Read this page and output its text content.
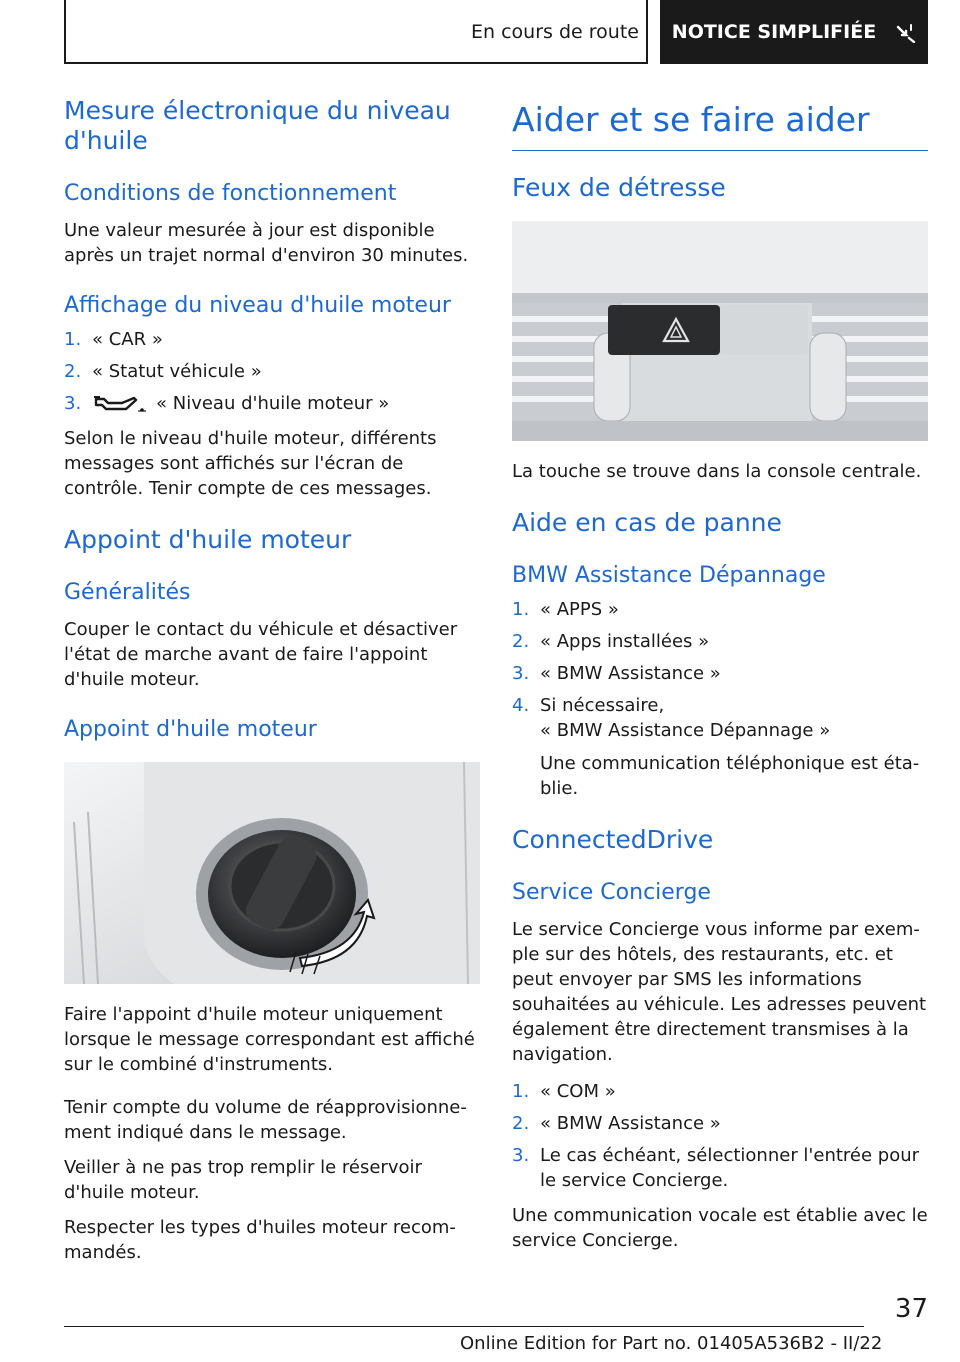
En cours de route NOTICE SIMPLIFIÉE
Mesure électronique du niveau d'huile
Conditions de fonctionnement

Une valeur mesurée à jour est disponible après un trajet normal d'environ 30 minutes.

Affichage du niveau d'huile moteur
1. « CAR »
2. « Statut véhicule »
3.	« Niveau d'huile moteur »

Selon le niveau d'huile moteur, différents messages sont affichés sur l'écran de contrôle. Tenir compte de ces messages.

Appoint d'huile moteur
Généralités

Couper le contact du véhicule et désactiver l'état de marche avant de faire l'appoint d'huile moteur.

Appoint d'huile moteur

Faire l'appoint d'huile moteur uniquement lorsque le message correspondant est affiché sur le combiné d'instruments.

Tenir compte du volume de réapprovisionnement indiqué dans le message.

Veiller à ne pas trop remplir le réservoir d'huile moteur.

Respecter les types d'huiles moteur recommandés.

Aider et se faire aider
Feux de détresse

La touche se trouve dans la console centrale.

Aide en cas de panne
BMW Assistance Dépannage
1. « APPS »
2. « Apps installées »
3. « BMW Assistance »
4. Si nécessaire,
« BMW Assistance Dépannage »
Une communication téléphonique est établie.
ConnectedDrive
Service Concierge

Le service Concierge vous informe par exemple sur des hôtels, des restaurants, etc. et peut envoyer par SMS les informations souhaitées au véhicule. Les adresses peuvent également être directement transmises à la navigation.

1. « COM »
2. « BMW Assistance »
3. Le cas échéant, sélectionner l'entrée pour le service Concierge.

Une communication vocale est établie avec le service Concierge.

37
Online Edition for Part no. 01405A536B2 - II/22
